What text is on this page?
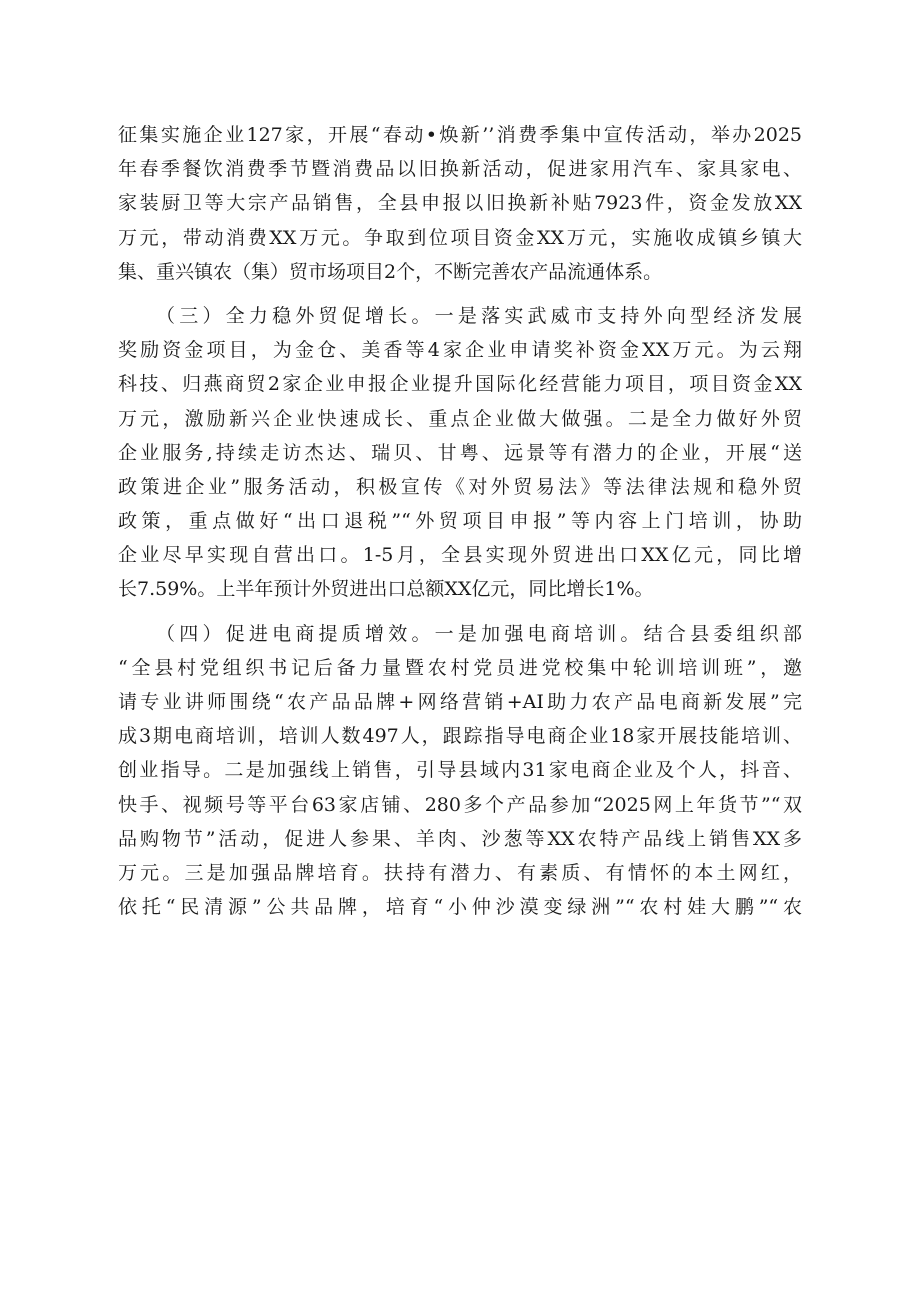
征集实施企业127家，开展“春动•焕新’’消费季集中宣传活动，举办2025
年春季餐饮消费季节暨消费品以旧换新活动，促进家用汽车、家具家电、
家装厨卫等大宗产品销售，全县申报以旧换新补贴7923件，资金发放XX
万元，带动消费XX万元。争取到位项目资金XX万元，实施收成镇乡镇大
集、重兴镇农（集）贸市场项目2个，不断完善农产品流通体系。
（三）全力稳外贸促增长。一是落实武威市支持外向型经济发展
奖励资金项目，为金仓、美香等4家企业申请奖补资金XX万元。为云翔
科技、归燕商贸2家企业申报企业提升国际化经营能力项目，项目资金XX
万元，激励新兴企业快速成长、重点企业做大做强。二是全力做好外贸
企业服务,持续走访杰达、瑞贝、甘粤、远景等有潜力的企业，开展“送
政策进企业”服务活动，积极宣传《对外贸易法》等法律法规和稳外贸
政策，重点做好“出口退税”“外贸项目申报”等内容上门培训，协助
企业尽早实现自营出口。1-5月，全县实现外贸进出口XX亿元，同比增
长7.59%。上半年预计外贸进出口总额XX亿元，同比增长1%。
（四）促进电商提质增效。一是加强电商培训。结合县委组织部
“全县村党组织书记后备力量暨农村党员进党校集中轮训培训班”，邀
请专业讲师围绕“农产品品牌+网络营销+AI助力农产品电商新发展”完
成3期电商培训，培训人数497人，跟踪指导电商企业18家开展技能培训、
创业指导。二是加强线上销售，引导县域内31家电商企业及个人，抖音、
快手、视频号等平台63家店铺、280多个产品参加“2025网上年货节”“双
品购物节”活动，促进人参果、羊肉、沙葱等XX农特产品线上销售XX多
万元。三是加强品牌培育。扶持有潜力、有素质、有情怀的本土网红，
依托“民清源”公共品牌，培育“小仲沙漠变绿洲”“农村娃大鹏”“农
